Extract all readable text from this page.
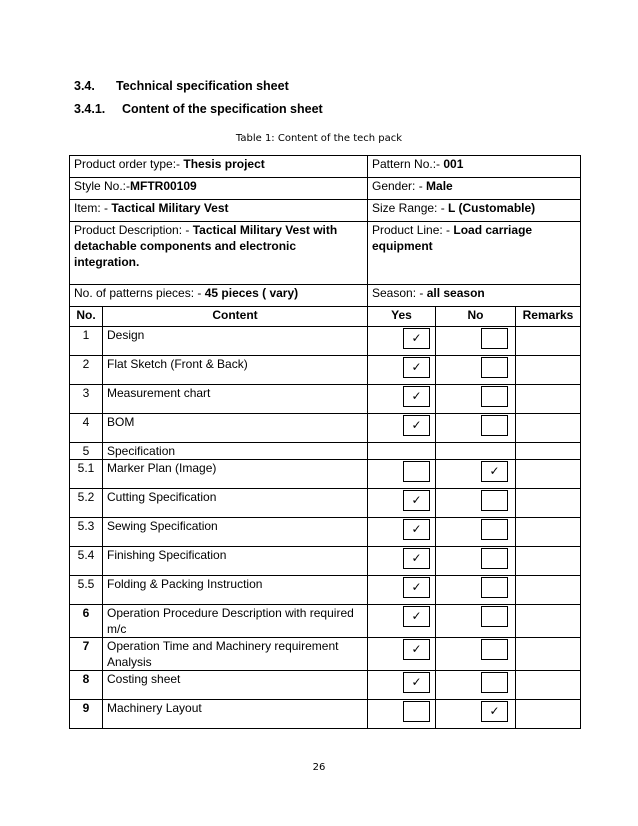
3.4. Technical specification sheet
3.4.1. Content of the specification sheet
Table 1: Content of the tech pack
Product order type:- Thesis project		Pattern No.:- 001		
Style No.:-MFTR00109		Gender: - Male		
Item: - Tactical Military Vest		Size Range: - L (Customable)		
Product Description: - Tactical Military Vest with detachable components and electronic integration.		Product Line: - Load carriage equipment		
No. of patterns pieces: - 45 pieces ( vary)		Season: - all season		
No.	Content	Yes	No	Remarks
1	Design	✓		

2	Flat Sketch (Front & Back)	✓		

3	Measurement chart	✓		

4	BOM	✓		

5	Specification			
5.1	Marker Plan (Image)		✓	

5.2	Cutting Specification	✓		

5.3	Sewing Specification	✓		

5.4	Finishing Specification	✓		

5.5	Folding & Packing Instruction	✓		

6	Operation Procedure Description with required m/c	✓		

7	Operation Time and Machinery requirement Analysis	✓		

8	Costing sheet	✓		

9	Machinery Layout		✓	

26
